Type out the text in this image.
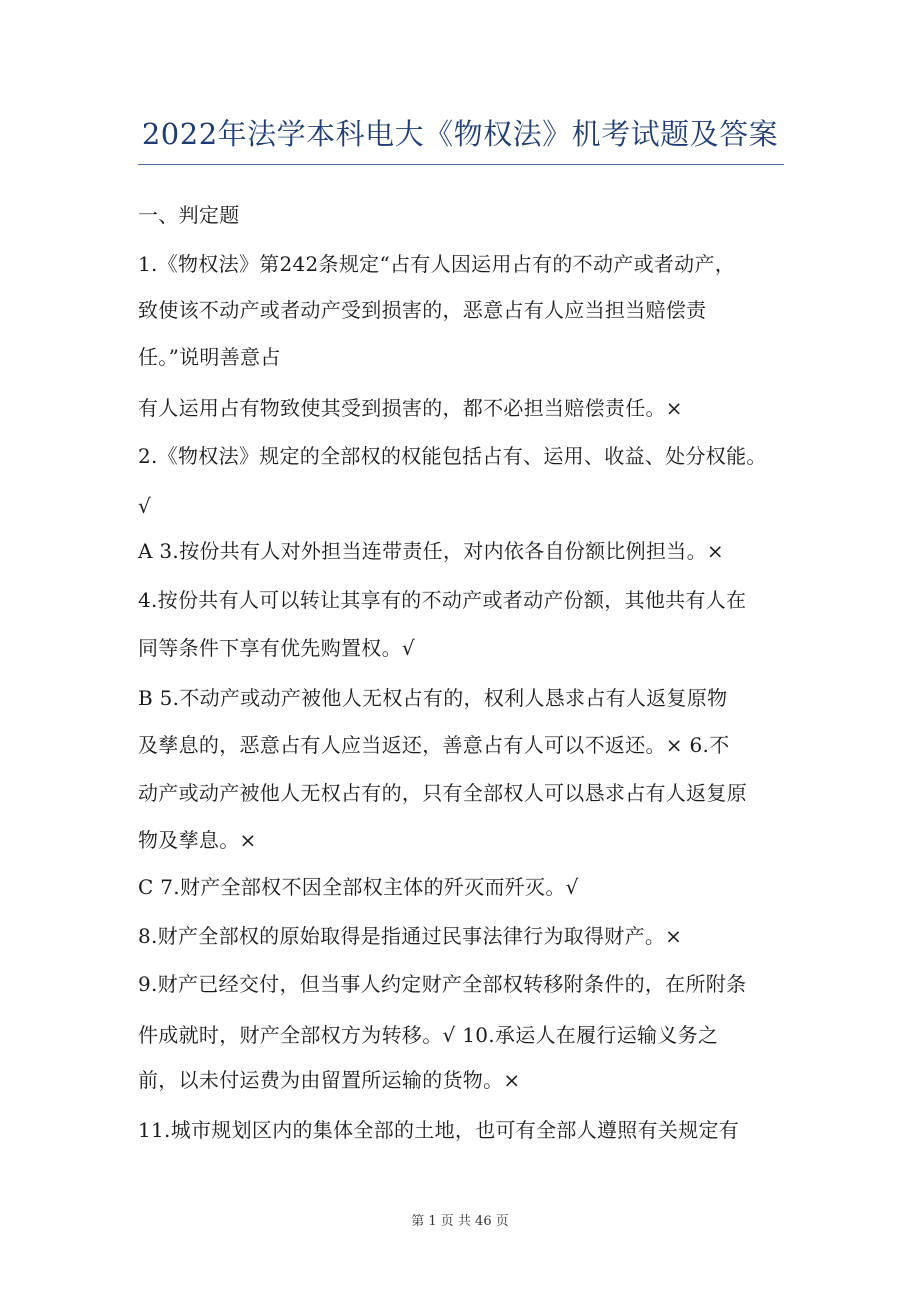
2022年法学本科电大《物权法》机考试题及答案
一、判定题
1.《物权法》第242条规定“占有人因运用占有的不动产或者动产，
致使该不动产或者动产受到损害的，恶意占有人应当担当赔偿责
任。”说明善意占
有人运用占有物致使其受到损害的，都不必担当赔偿责任。×
2.《物权法》规定的全部权的权能包括占有、运用、收益、处分权能。
√
A 3.按份共有人对外担当连带责任，对内依各自份额比例担当。×
4.按份共有人可以转让其享有的不动产或者动产份额，其他共有人在
同等条件下享有优先购置权。√
B 5.不动产或动产被他人无权占有的，权利人恳求占有人返复原物
及孳息的，恶意占有人应当返还，善意占有人可以不返还。× 6.不
动产或动产被他人无权占有的，只有全部权人可以恳求占有人返复原
物及孳息。×
C 7.财产全部权不因全部权主体的歼灭而歼灭。√
8.财产全部权的原始取得是指通过民事法律行为取得财产。×
9.财产已经交付，但当事人约定财产全部权转移附条件的，在所附条
件成就时，财产全部权方为转移。√ 10.承运人在履行运输义务之
前，以未付运费为由留置所运输的货物。×
11.城市规划区内的集体全部的土地，也可有全部人遵照有关规定有
第 1 页 共 46 页
